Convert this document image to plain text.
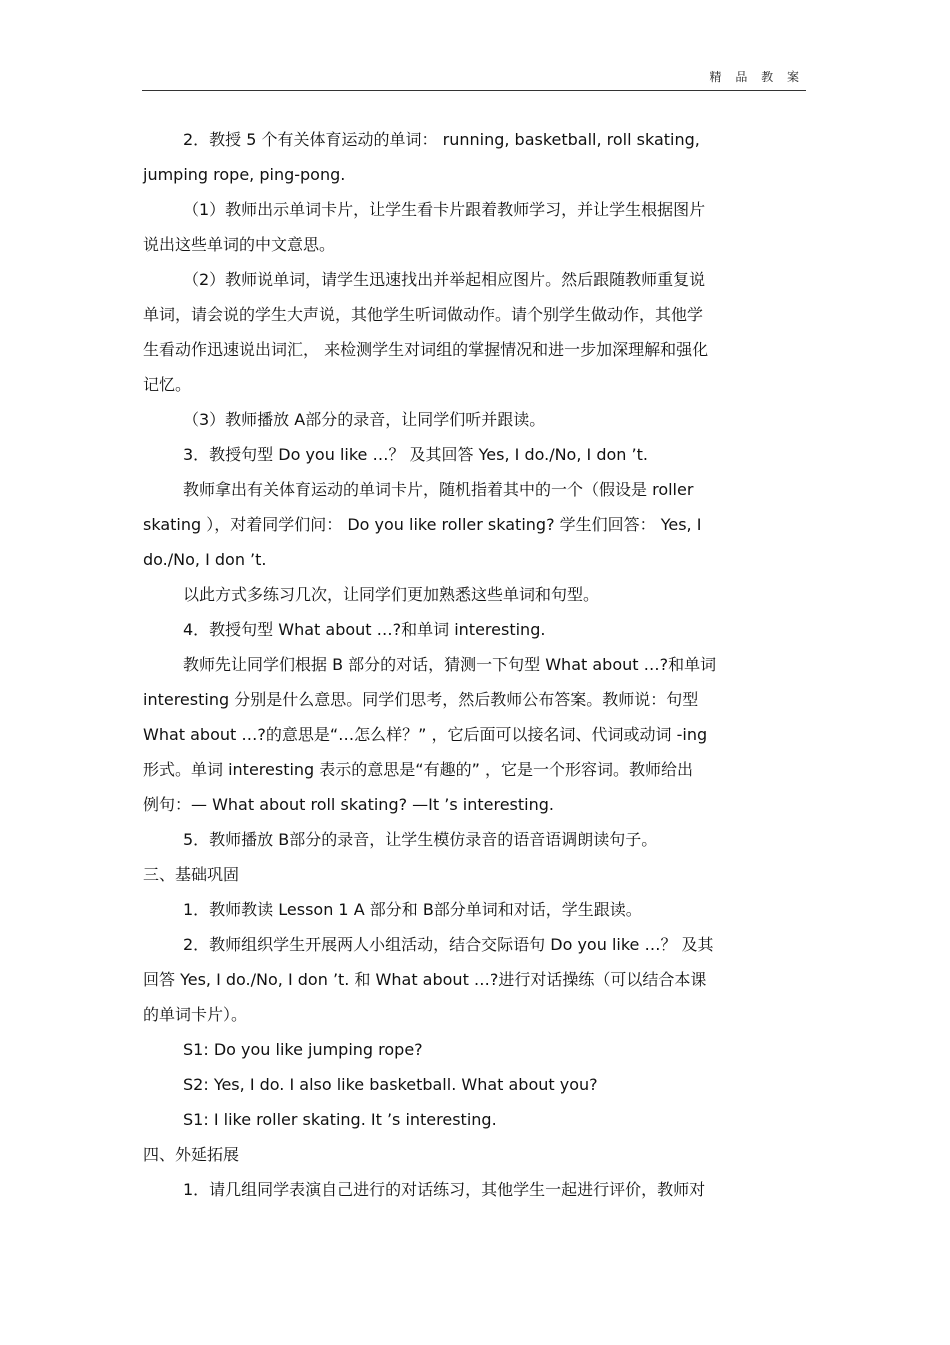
精 品 教 案

2．教授 5 个有关体育运动的单词： running, basketball, roll skating,

jumping rope, ping-pong.

（1）教师出示单词卡片，让学生看卡片跟着教师学习，并让学生根据图片

说出这些单词的中文意思。

（2）教师说单词，请学生迅速找出并举起相应图片。然后跟随教师重复说

单词，请会说的学生大声说，其他学生听词做动作。请个别学生做动作，其他学

生看动作迅速说出词汇， 来检测学生对词组的掌握情况和进一步加深理解和强化

记忆。

（3）教师播放 A部分的录音，让同学们听并跟读。

3．教授句型 Do you like …？ 及其回答 Yes, I do./No, I don ’t.

教师拿出有关体育运动的单词卡片，随机指着其中的一个（假设是 roller

skating ），对着同学们问： Do you like roller skating? 学生们回答： Yes, I

do./No, I don ’t.

以此方式多练习几次，让同学们更加熟悉这些单词和句型。

4．教授句型 What about …?和单词 interesting.

教师先让同学们根据 B 部分的对话，猜测一下句型 What about …?和单词

interesting 分别是什么意思。同学们思考，然后教师公布答案。教师说：句型

What about …?的意思是“…怎么样？” ，它后面可以接名词、代词或动词 -ing

形式。单词 interesting 表示的意思是“有趣的” ，它是一个形容词。教师给出

例句：— What about roll skating? —It ’s interesting.

5．教师播放 B部分的录音，让学生模仿录音的语音语调朗读句子。

三、基础巩固

1．教师教读 Lesson 1 A 部分和 B部分单词和对话，学生跟读。

2．教师组织学生开展两人小组活动，结合交际语句 Do you like …？ 及其

回答 Yes, I do./No, I don ’t. 和 What about …?进行对话操练（可以结合本课

的单词卡片）。

S1: Do you like jumping rope?

S2: Yes, I do. I also like basketball. What about you?

S1: I like roller skating. It ’s interesting.

四、外延拓展

1．请几组同学表演自己进行的对话练习，其他学生一起进行评价，教师对
